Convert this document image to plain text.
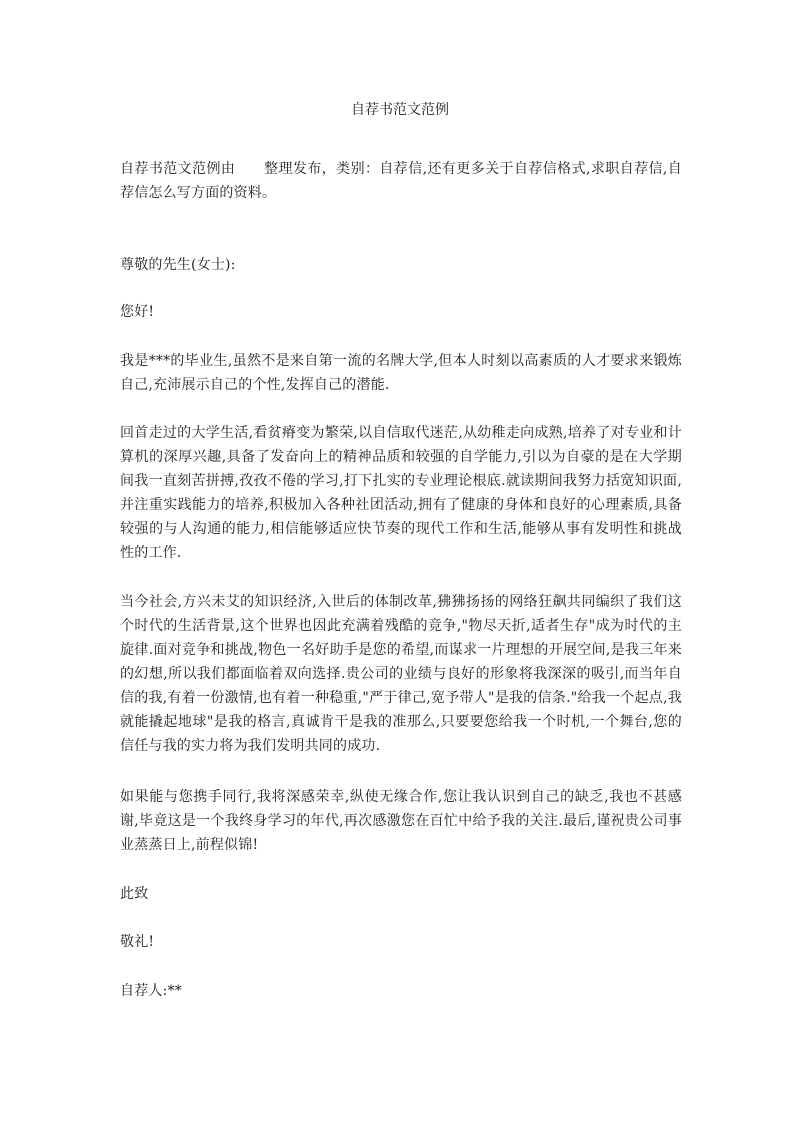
自荐书范文范例

自荐书范文范例由　　整理发布，类别：自荐信,还有更多关于自荐信格式,求职自荐信,自荐信怎么写方面的资料。

尊敬的先生(女士):

您好!

我是***的毕业生,虽然不是来自第一流的名牌大学,但本人时刻以高素质的人才要求来锻炼自己,充沛展示自己的个性,发挥自己的潜能.

回首走过的大学生活,看贫瘠变为繁荣,以自信取代迷茫,从幼稚走向成熟,培养了对专业和计算机的深厚兴趣,具备了发奋向上的精神品质和较强的自学能力,引以为自豪的是在大学期间我一直刻苦拼搏,孜孜不倦的学习,打下扎实的专业理论根底.就读期间我努力括宽知识面,并注重实践能力的培养,积极加入各种社团活动,拥有了健康的身体和良好的心理素质,具备较强的与人沟通的能力,相信能够适应快节奏的现代工作和生活,能够从事有发明性和挑战性的工作.

当今社会,方兴未艾的知识经济,入世后的体制改革,狒狒扬扬的网络狂飙共同编织了我们这个时代的生活背景,这个世界也因此充满着残酷的竞争,"物尽天折,适者生存"成为时代的主旋律.面对竞争和挑战,物色一名好助手是您的希望,而谋求一片理想的开展空间,是我三年来的幻想,所以我们都面临着双向选择.贵公司的业绩与良好的形象将我深深的吸引,而当年自信的我,有着一份激情,也有着一种稳重,"严于律己,宽予带人"是我的信条."给我一个起点,我就能撬起地球"是我的格言,真诚肯干是我的准那么,只要要您给我一个时机,一个舞台,您的信任与我的实力将为我们发明共同的成功.

如果能与您携手同行,我将深感荣幸,纵使无缘合作,您让我认识到自己的缺乏,我也不甚感谢,毕竟这是一个我终身学习的年代,再次感激您在百忙中给予我的关注.最后,谨祝贵公司事业蒸蒸日上,前程似锦!

此致

敬礼!

自荐人:**
